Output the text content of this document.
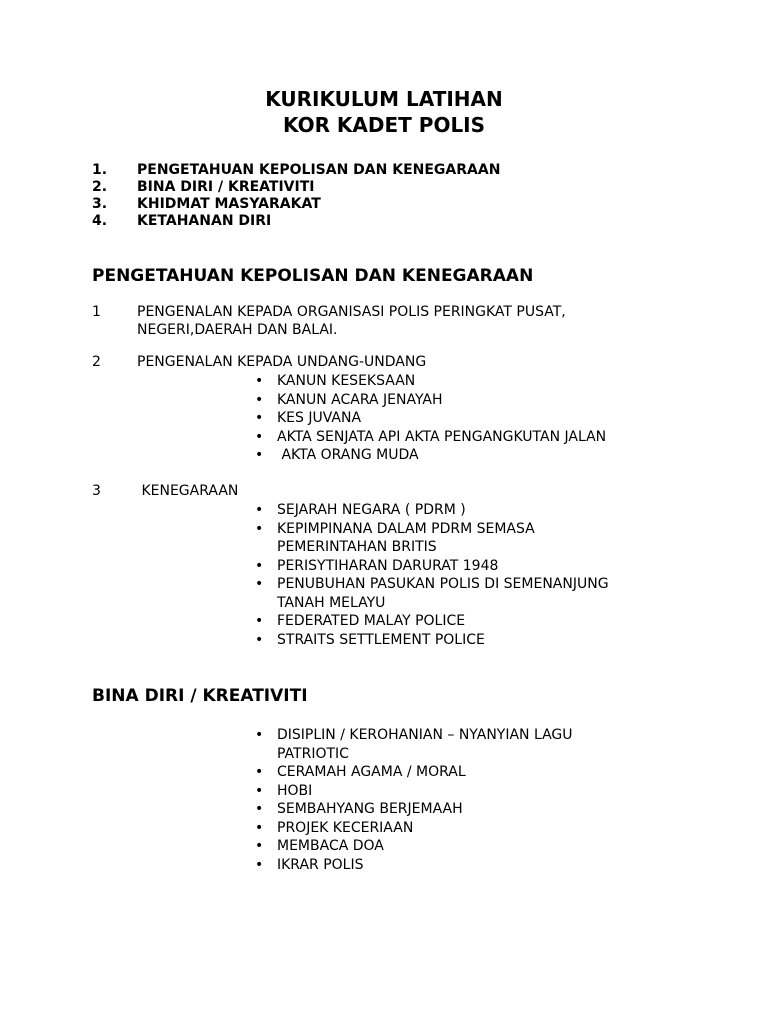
KURIKULUM LATIHAN
KOR KADET POLIS
1. PENGETAHUAN KEPOLISAN DAN KENEGARAAN
2. BINA DIRI / KREATIVITI
3. KHIDMAT MASYARAKAT
4. KETAHANAN DIRI
PENGETAHUAN KEPOLISAN DAN KENEGARAAN
1	PENGENALAN KEPADA ORGANISASI POLIS PERINGKAT PUSAT,
NEGERI,DAERAH DAN BALAI.
2	PENGENALAN KEPADA UNDANG-UNDANG
• KANUN KESEKSAAN
• KANUN ACARA JENAYAH
• KES JUVANA
• AKTA SENJATA API AKTA PENGANGKUTAN JALAN
• AKTA ORANG MUDA
3	KENEGARAAN
• SEJARAH NEGARA ( PDRM )
• KEPIMPINANA DALAM PDRM SEMASA
PEMERINTAHAN BRITIS
• PERISYTIHARAN DARURAT 1948
• PENUBUHAN PASUKAN POLIS DI SEMENANJUNG
TANAH MELAYU
• FEDERATED MALAY POLICE
• STRAITS SETTLEMENT POLICE
BINA DIRI / KREATIVITI
• DISIPLIN / KEROHANIAN – NYANYIAN LAGU
PATRIOTIC
• CERAMAH AGAMA / MORAL
• HOBI
• SEMBAHYANG BERJEMAAH
• PROJEK KECERIAAN
• MEMBACA DOA
• IKRAR POLIS
